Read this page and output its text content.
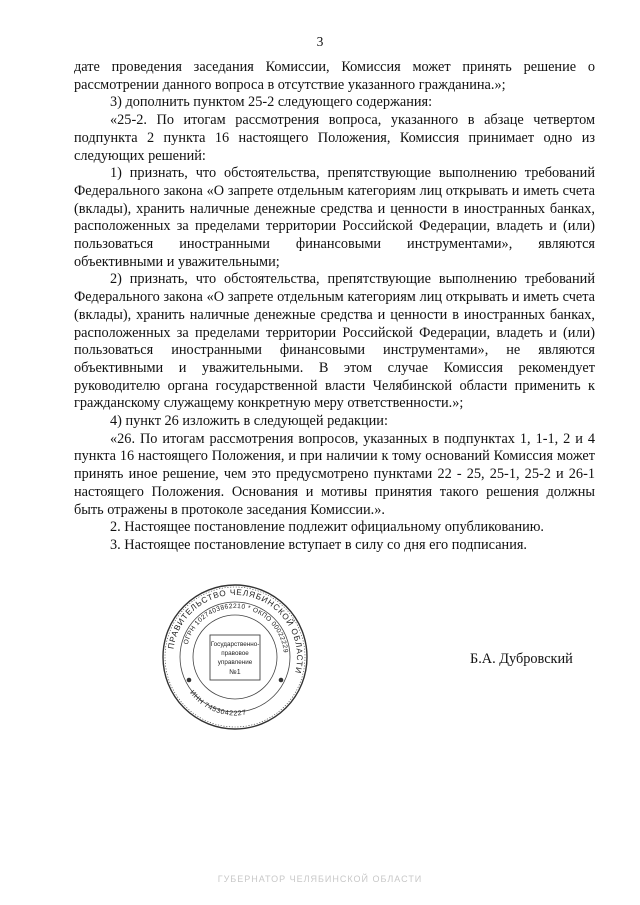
3

дате проведения заседания Комиссии, Комиссия может принять решение о рассмотрении данного вопроса в отсутствие указанного гражданина.»;

3) дополнить пунктом 25-2 следующего содержания:

«25-2. По итогам рассмотрения вопроса, указанного в абзаце четвертом подпункта 2 пункта 16 настоящего Положения, Комиссия принимает одно из следующих решений:

1) признать, что обстоятельства, препятствующие выполнению требований Федерального закона «О запрете отдельным категориям лиц открывать и иметь счета (вклады), хранить наличные денежные средства и ценности в иностранных банках, расположенных за пределами территории Российской Федерации, владеть и (или) пользоваться иностранными финансовыми инструментами», являются объективными и уважительными;

2) признать, что обстоятельства, препятствующие выполнению требований Федерального закона «О запрете отдельным категориям лиц открывать и иметь счета (вклады), хранить наличные денежные средства и ценности в иностранных банках, расположенных за пределами территории Российской Федерации, владеть и (или) пользоваться иностранными финансовыми инструментами», не являются объективными и уважительными. В этом случае Комиссия рекомендует руководителю органа государственной власти Челябинской области применить к гражданскому служащему конкретную меру ответственности.»;

4) пункт 26 изложить в следующей редакции:

«26. По итогам рассмотрения вопросов, указанных в подпунктах 1, 1-1, 2 и 4 пункта 16 настоящего Положения, и при наличии к тому оснований Комиссия может принять иное решение, чем это предусмотрено пунктами 22 - 25, 25-1, 25-2 и 26-1 настоящего Положения. Основания и мотивы принятия такого решения должны быть отражены в протоколе заседания Комиссии.».

2. Настоящее постановление подлежит официальному опубликованию.

3. Настоящее постановление вступает в силу со дня его подписания.

ПРАВИТЕЛЬСТВО ЧЕЛЯБИНСКОЙ ОБЛАСТИ
ОГРН 1027403862210 * ОКПО 00022229
ИНН 7453042227
Государственно-
правовое
управление
№1
Б.А. Дубровский
ГУБЕРНАТОР ЧЕЛЯБИНСКОЙ ОБЛАСТИ
